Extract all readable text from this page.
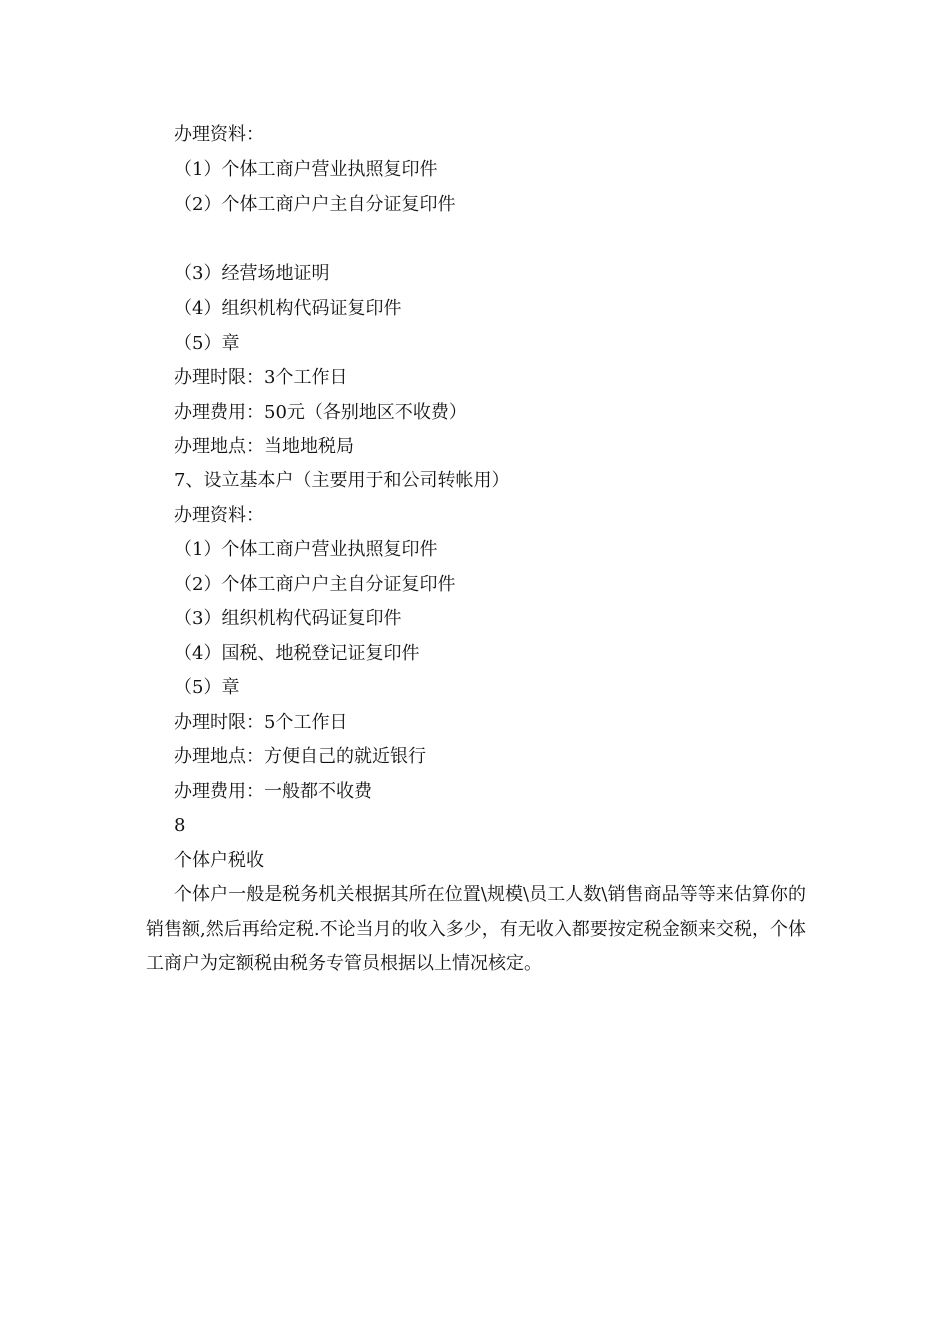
办理资料：
（1）个体工商户营业执照复印件
（2）个体工商户户主自分证复印件
（3）经营场地证明
（4）组织机构代码证复印件
（5）章
办理时限：3个工作日
办理费用：50元（各别地区不收费）
办理地点：当地地税局
7、设立基本户（主要用于和公司转帐用）
办理资料：
（1）个体工商户营业执照复印件
（2）个体工商户户主自分证复印件
（3）组织机构代码证复印件
（4）国税、地税登记证复印件
（5）章
办理时限：5个工作日
办理地点：方便自己的就近银行
办理费用：一般都不收费
8
个体户税收
个体户一般是税务机关根据其所在位置\规模\员工人数\销售商品等等来估算你的销售额,然后再给定税.不论当月的收入多少，有无收入都要按定税金额来交税，个体工商户为定额税由税务专管员根据以上情况核定。
